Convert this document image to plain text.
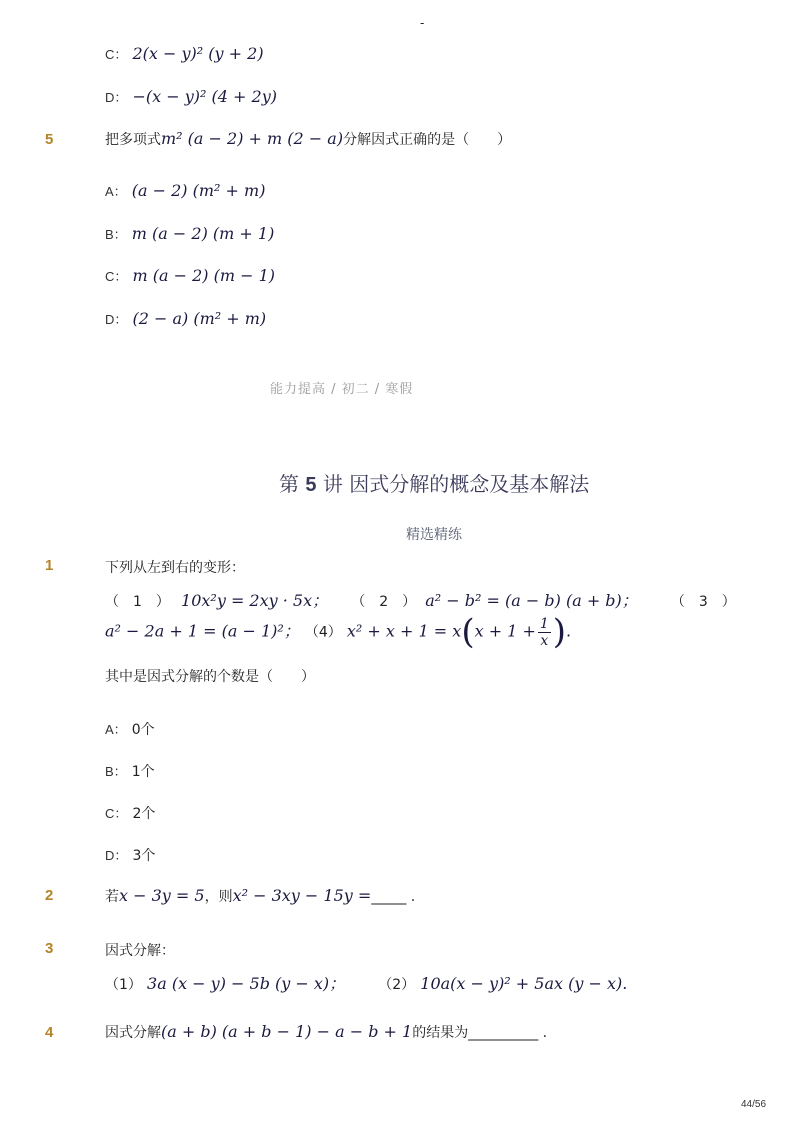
-
C： 2(x − y)² (y + 2)
D： −(x − y)² (4 + 2y)
5	把多项式m² (a − 2) + m (2 − a)分解因式正确的是（　　）
A： (a − 2) (m² + m)
B： m (a − 2) (m + 1)
C： m (a − 2) (m − 1)
D： (2 − a) (m² + m)
能力提高 / 初二 / 寒假
第 5 讲 因式分解的概念及基本解法
精选精练
1	下列从左到右的变形：
（　1　） 10x²y = 2xy · 5x； （　2　） a² − b² = (a − b) (a + b)； （　3　）
a² − 2a + 1 = (a − 1)²； （4） $x^2 + x + 1 = x(x + 1 + \frac{1}{x}$ ).
其中是因式分解的个数是（　　）
A： 0个
B： 1个
C： 2个
D： 3个
2	若x − 3y = 5，则x² − 3xy − 15y =_____ .
3	因式分解：
（1） 3a (x − y) − 5b (y − x)； （2） 10a(x − y)² + 5ax (y − x).
4	因式分解(a + b) (a + b − 1) − a − b + 1的结果为__________ .
44/56
